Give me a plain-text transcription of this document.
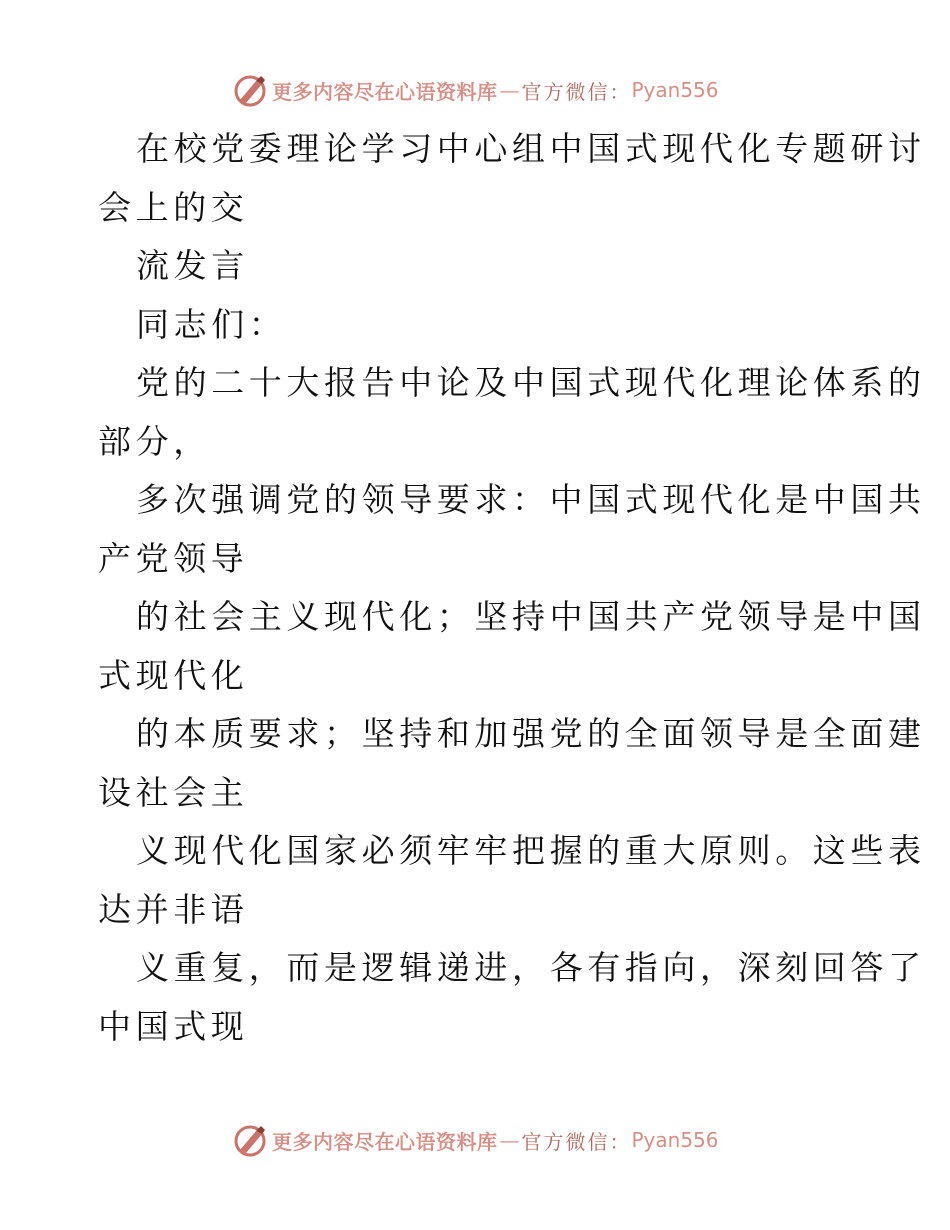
更多内容尽在心语资料库 — 官方微信： Pyan556
在校党委理论学习中心组中国式现代化专题研讨
会上的交
流发言
同志们：
党的二十大报告中论及中国式现代化理论体系的
部分，
多次强调党的领导要求：中国式现代化是中国共
产党领导
的社会主义现代化；坚持中国共产党领导是中国
式现代化
的本质要求；坚持和加强党的全面领导是全面建
设社会主
义现代化国家必须牢牢把握的重大原则。这些表
达并非语
义重复，而是逻辑递进，各有指向，深刻回答了
中国式现
更多内容尽在心语资料库 — 官方微信： Pyan556
